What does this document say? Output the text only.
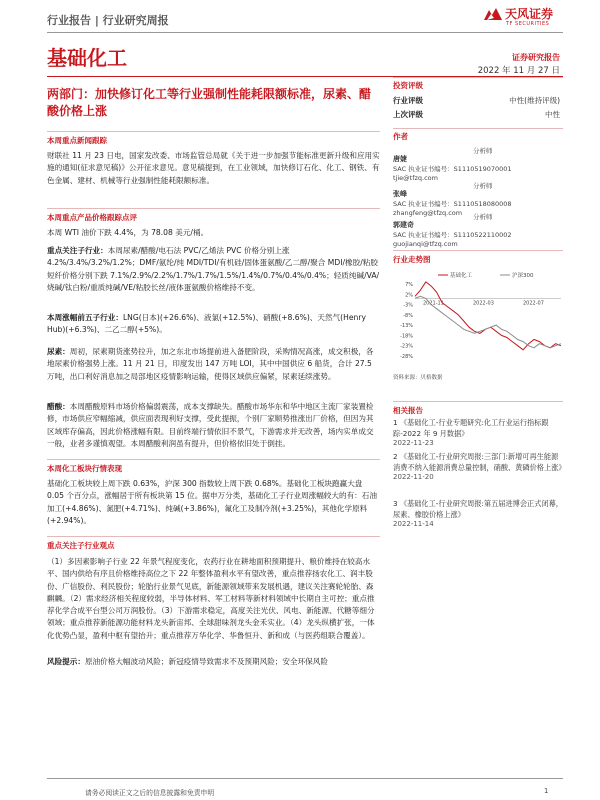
行业报告 | 行业研究周报	天风证券
TF SECURITIES
基础化工	证券研究报告
2022 年 11 月 27 日
两部门：加快修订化工等行业强制性能耗限额标准，尿素、醋酸价格上涨
本周重点新闻跟踪
财联社 11 月 23 日电，国家发改委、市场监管总局就《关于进一步加强节能标准更新升级和应用实施的通知(征求意见稿)》公开征求意见。意见稿提到，在工业领域，加快修订石化、化工、钢铁、有色金属、建材、机械等行业强制性能耗限额标准。
本周重点产品价格跟踪点评
本周 WTI 油价下跌 4.4%，为 78.08 美元/桶。
重点关注子行业：本周尿素/醋酸/电石法 PVC/乙烯法 PVC 价格分别上涨 4.2%/3.4%/3.2%/1.2%；DMF/氨纶/纯 MDI/TDI/有机硅/固体蛋氨酸/乙二醇/聚合 MDI/橡胶/粘胶短纤价格分别下跌 7.1%/2.9%/2.2%/1.7%/1.7%/1.5%/1.4%/0.7%/0.4%/0.4%；轻质纯碱/VA/烧碱/钛白粉/重质纯碱/VE/粘胶长丝/液体蛋氨酸价格维持不变。
本周涨幅前五子行业：LNG(日本)(+26.6%)、液氯(+12.5%)、硝酸(+8.6%)、天然气(Henry Hub)(+6.3%)、二乙二醇(+5%)。
尿素：周初，尿素期货涨势拉升，加之东北市场提前进入备肥阶段，采购情况高涨，成交积极，各地尿素价格强势上涨。11 月 21 日，印度发出 147 万吨 LOI，其中中国供应 6 船货，合计 27.5 万吨，出口利好消息加之局部地区疫情影响运输，使得区域供应偏紧，尿素延续涨势。
醋酸：本周醋酸原料市场价格偏弱震荡，成本支撑缺失。醋酸市场华东和华中地区主流厂家装置检修，市场供应窄幅缩减，供应面表现利好支撑，受此提振，个别厂家顺势推涨出厂价格，但因为其区域库存偏高，因此价格涨幅有限。目前终端行情依旧不景气，下游需求并无改善，场内实单成交一般，业者多谨慎观望。本周醋酸利润虽有提升，但价格依旧处于倒挂。
本周化工板块行情表现
基础化工板块较上周下跌 0.63%，沪深 300 指数较上周下跌 0.68%。基础化工板块跑赢大盘 0.05 个百分点，涨幅居于所有板块第 15 位。据申万分类，基础化工子行业周涨幅较大的有：石油加工(+4.86%)、氮肥(+4.71%)、纯碱(+3.86%)，氟化工及制冷剂(+3.25%)，其他化学原料(+2.94%)。
重点关注子行业观点
（1）多因素影响子行业 22 年景气程度变化，农药行业在耕地面积预期提升、粮价维持在较高水平、国内供给有序且价格维持高位之下 22 年整体盈利水平有望改善，重点推荐扬农化工、润丰股份、广信股份、利民股份；轮胎行业景气见底，新能源领域带来发展机遇，建议关注赛轮轮胎、森麒麟。（2）需求经济相关程度较弱，半导体材料、军工材料等新材料领域中长期自主可控；重点推荐化学合成平台型公司万润股份。（3）下游需求稳定，高度关注光伏、风电、新能源、代糖等细分领域；重点推荐新能源功能材料龙头新宙邦、全球甜味剂龙头金禾实业。（4）龙头纵横扩张，一体化优势凸显，盈利中枢有望抬升；重点推荐万华化学、华鲁恒升、新和成（与医药组联合覆盖）。
风险提示：原油价格大幅波动风险；新冠疫情导致需求不及预期风险；安全环保风险
投资评级
行业评级	中性(维持评级)
上次评级	中性
作者
唐婕
分析师
SAC 执业证书编号：S1110519070001
tjie@tfzq.com
张峰
分析师
SAC 执业证书编号：S1110518080008
zhangfeng@tfzq.com
郭建奇
分析师
SAC 执业证书编号：S1110522110002
guojianqi@tfzq.com
行业走势图
7%
2%
-3%
-8%
-13%
-18%
-23%
-28%
2021-11	2022-03	2022-07
基础化工	沪深300
资料来源：贝格数据
相关报告
1 《基础化工-行业专题研究:化工行业运行指标跟踪-2022 年 9 月数据》
2022-11-23
2 《基础化工-行业研究周报:三部门:新增可再生能源消费不纳入能源消费总量控制，硝酸、黄磷价格上涨》
2022-11-20
3 《基础化工-行业研究周报:第五届进博会正式闭幕，尿素、橡胶价格上涨》
2022-11-14
请务必阅读正文之后的信息披露和免责申明	1
